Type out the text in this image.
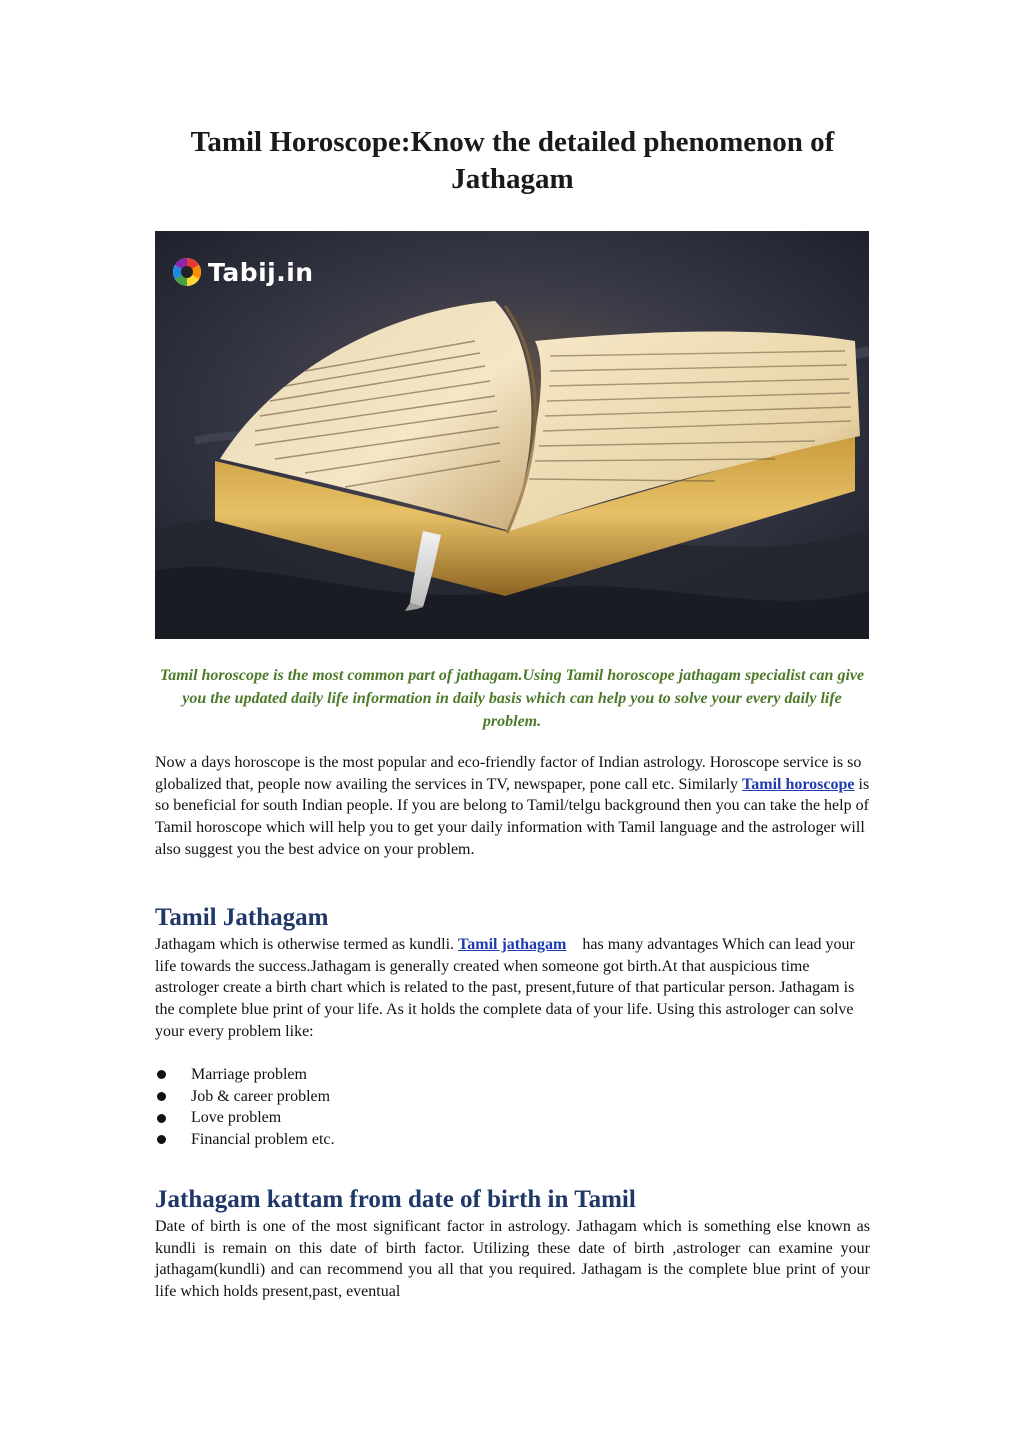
Tamil Horoscope:Know the detailed phenomenon of Jathagam
Tabij.in

Tamil horoscope is the most common part of jathagam.Using Tamil horoscope jathagam specialist can give you the updated daily life information in daily basis which can help you to solve your every daily life problem.

Now a days horoscope is the most popular and eco-friendly factor of Indian astrology. Horoscope service is so globalized that, people now availing the services in TV, newspaper, pone call etc. Similarly Tamil horoscope is so beneficial for south Indian people. If you are belong to Tamil/telgu background then you can take the help of Tamil horoscope which will help you to get your daily information with Tamil language and the astrologer will also suggest you the best advice on your problem.

Tamil Jathagam

Jathagam which is otherwise termed as kundli. Tamil jathagam    has many advantages Which can lead your life towards the success.Jathagam is generally created when someone got birth.At that auspicious time astrologer create a birth chart which is related to the past, present,future of that particular person. Jathagam is the complete blue print of your life. As it holds the complete data of your life. Using this astrologer can solve your every problem like:

Marriage problem
Job & career problem
Love problem
Financial problem etc.
Jathagam kattam from date of birth in Tamil

Date of birth is one of the most significant factor in astrology. Jathagam which is something else known as kundli is remain on this date of birth factor. Utilizing these date of birth ,astrologer can examine your jathagam(kundli) and can recommend you all that you required. Jathagam is the complete blue print of your life which holds present,past, eventual
